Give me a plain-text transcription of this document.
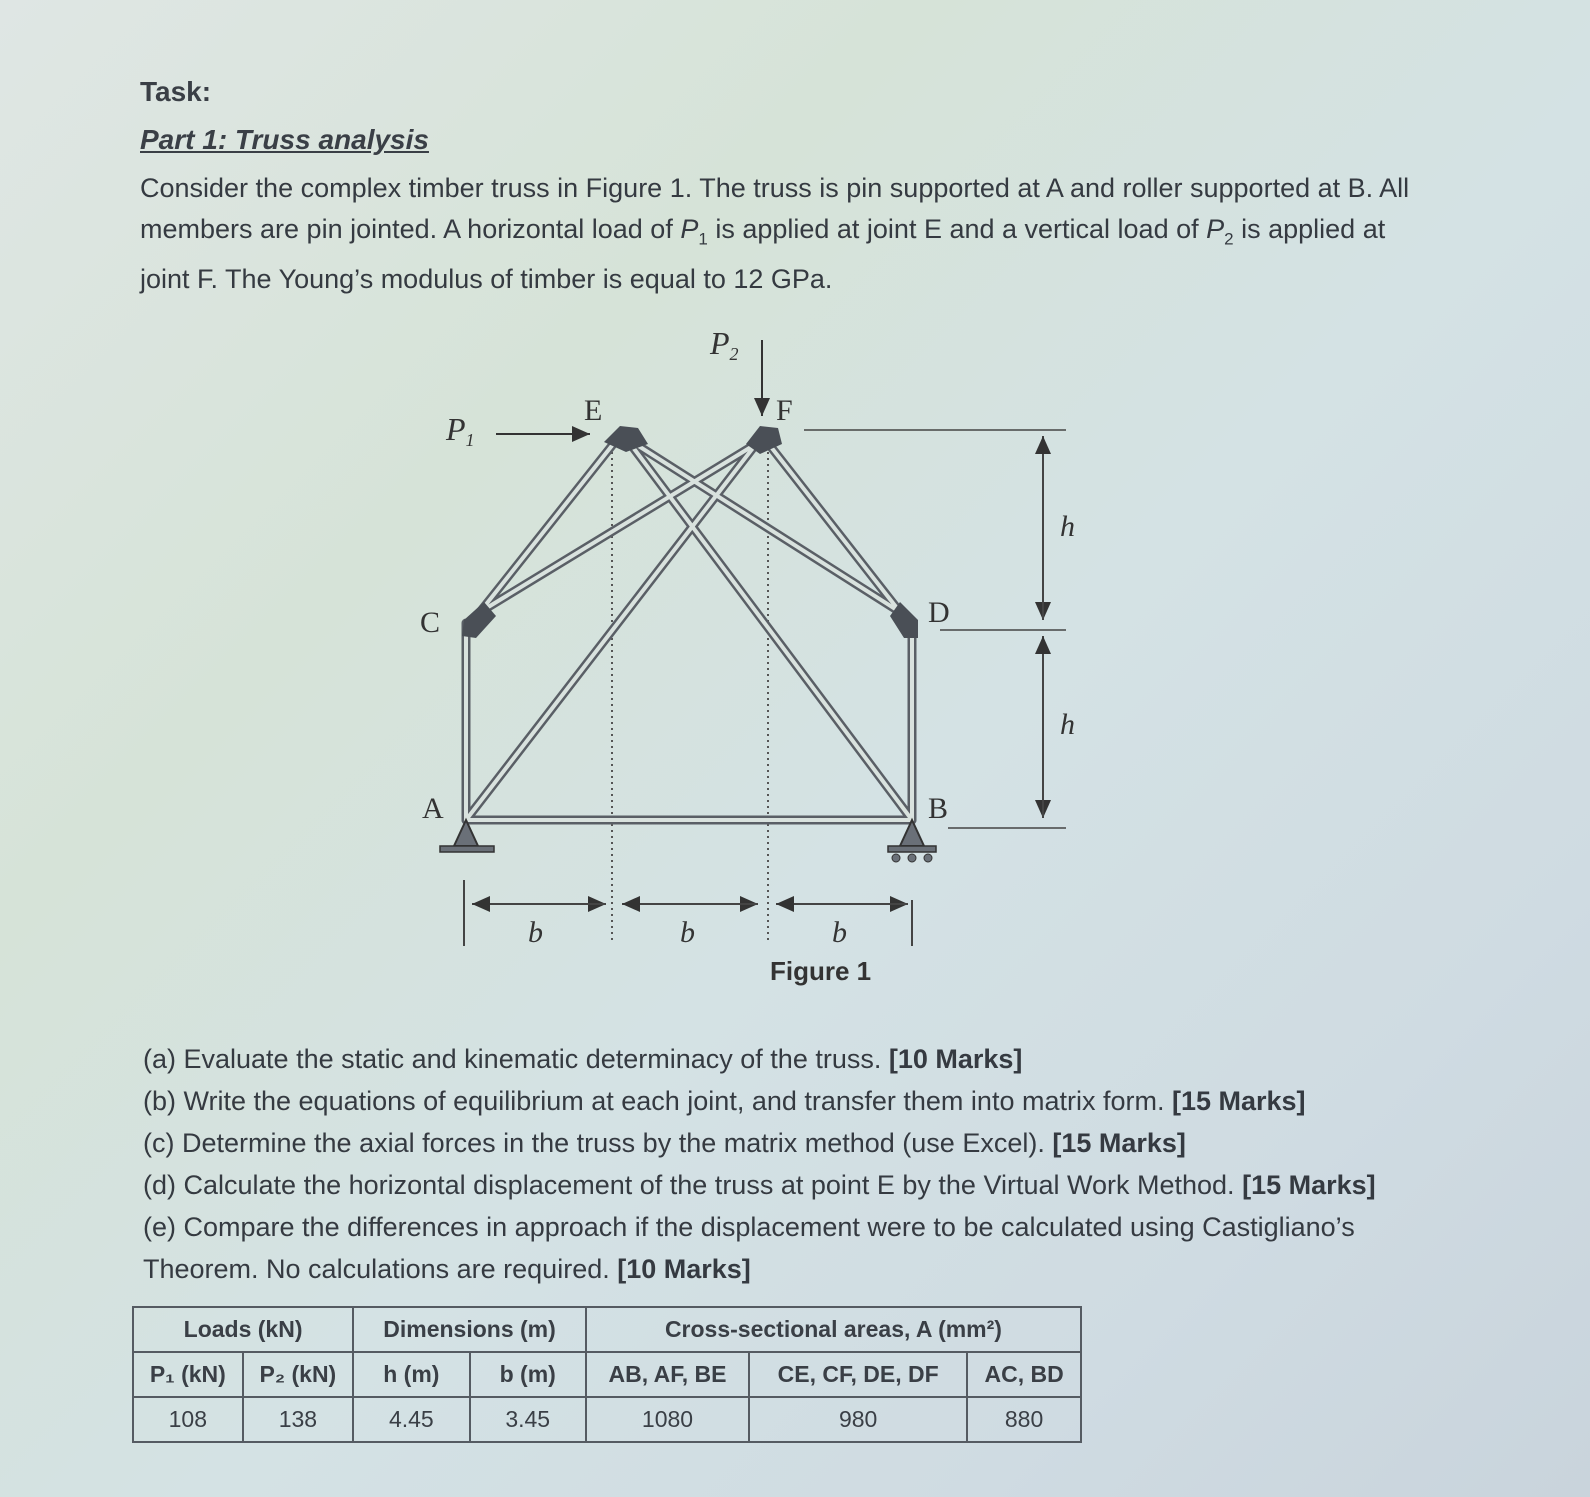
Task:
Part 1: Truss analysis
Consider the complex timber truss in Figure 1. The truss is pin supported at A and roller supported at B. All
members are pin jointed. A horizontal load of $P_1$ is applied at joint E and a vertical load of $P_2$ is applied at
joint F. The Young’s modulus of timber is equal to 12 GPa.
P1
P2
E	F
C	D
A	B
h
h
b	b	b
Figure 1

(a) Evaluate the static and kinematic determinacy of the truss. [10 Marks]

(b) Write the equations of equilibrium at each joint, and transfer them into matrix form. [15 Marks]

(c) Determine the axial forces in the truss by the matrix method (use Excel). [15 Marks]

(d) Calculate the horizontal displacement of the truss at point E by the Virtual Work Method. [15 Marks]

(e) Compare the differences in approach if the displacement were to be calculated using Castigliano’s

Theorem. No calculations are required. [10 Marks]

Loads (kN)		Dimensions (m)		Cross-sectional areas, A (mm²)		
P₁ (kN)	P₂ (kN)	h (m)	b (m)	AB, AF, BE	CE, CF, DE, DF	AC, BD
108	138	4.45	3.45	1080	980	880
